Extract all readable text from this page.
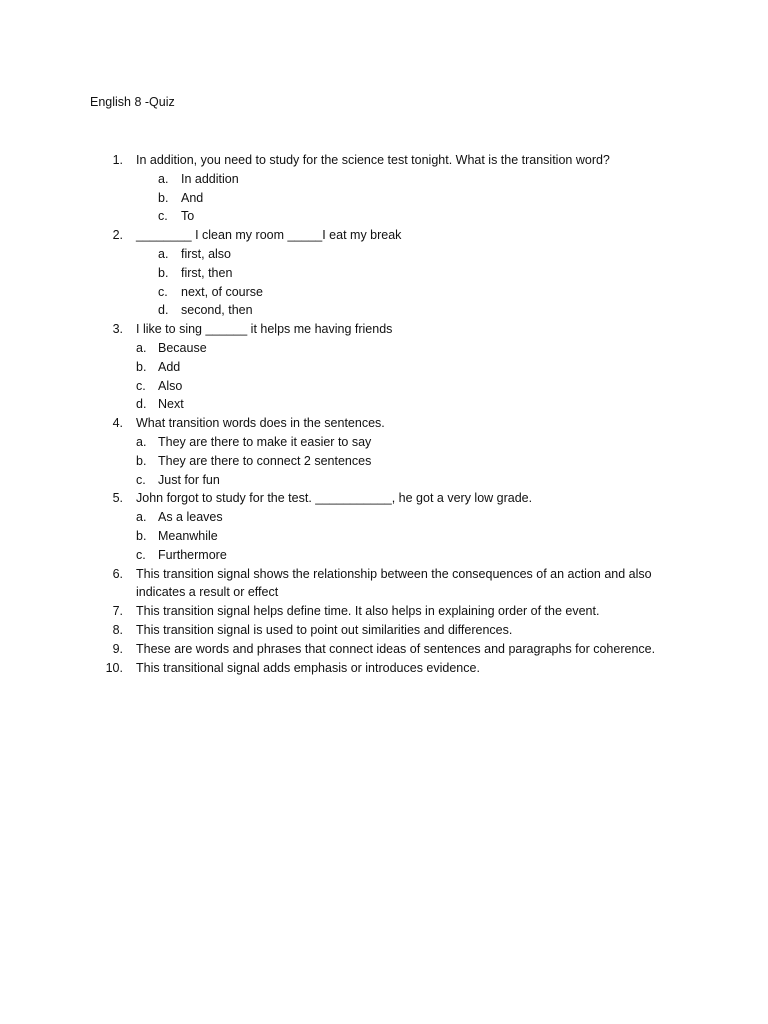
English 8 -Quiz
1. In addition, you need to study for the science test tonight. What is the transition word?
a. In addition
b. And
c. To
2. ________ I clean my room _____I eat my break
a. first, also
b. first, then
c. next, of course
d. second, then
3. I like to sing ______ it helps me having friends
a. Because
b. Add
c. Also
d. Next
4. What transition words does in the sentences.
a. They are there to make it easier to say
b. They are there to connect 2 sentences
c. Just for fun
5. John forgot to study for the test. ___________, he got a very low grade.
a. As a leaves
b. Meanwhile
c. Furthermore
6. This transition signal shows the relationship between the consequences of an action and also
indicates a result or effect
7. This transition signal helps define time. It also helps in explaining order of the event.
8. This transition signal is used to point out similarities and differences.
9. These are words and phrases that connect ideas of sentences and paragraphs for coherence.
10. This transitional signal adds emphasis or introduces evidence.
